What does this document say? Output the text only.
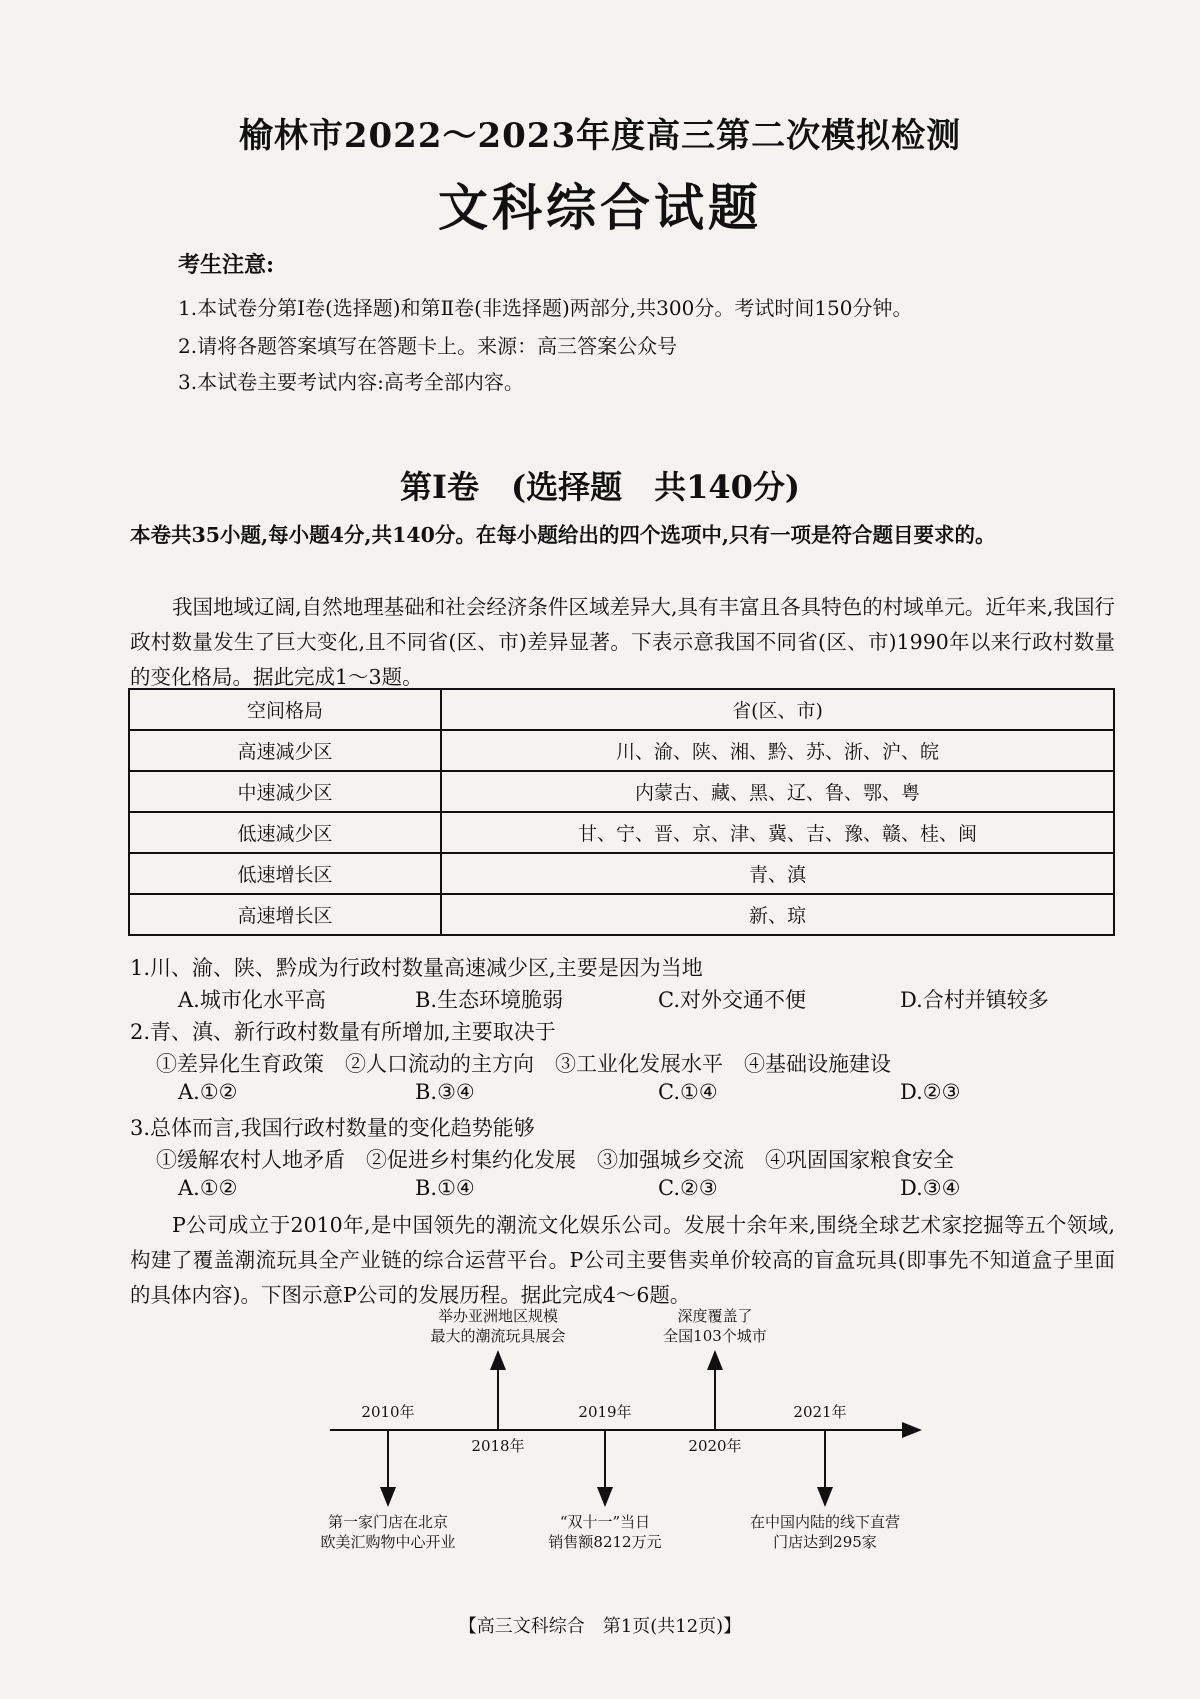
榆林市2022～2023年度高三第二次模拟检测
文科综合试题
考生注意:
1.本试卷分第Ⅰ卷(选择题)和第Ⅱ卷(非选择题)两部分,共300分。考试时间150分钟。
2.请将各题答案填写在答题卡上。来源：高三答案公众号
3.本试卷主要考试内容:高考全部内容。
第Ⅰ卷　(选择题　共140分)
本卷共35小题,每小题4分,共140分。在每小题给出的四个选项中,只有一项是符合题目要求的。
我国地域辽阔,自然地理基础和社会经济条件区域差异大,具有丰富且各具特色的村域单元。近年来,我国行政村数量发生了巨大变化,且不同省(区、市)差异显著。下表示意我国不同省(区、市)1990年以来行政村数量的变化格局。据此完成1～3题。
空间格局	省(区、市)
高速减少区	川、渝、陕、湘、黔、苏、浙、沪、皖
中速减少区	内蒙古、藏、黑、辽、鲁、鄂、粤
低速减少区	甘、宁、晋、京、津、冀、吉、豫、赣、桂、闽
低速增长区	青、滇
高速增长区	新、琼
1.川、渝、陕、黔成为行政村数量高速减少区,主要是因为当地
A.城市化水平高	B.生态环境脆弱	C.对外交通不便	D.合村并镇较多
2.青、滇、新行政村数量有所增加,主要取决于
①差异化生育政策　②人口流动的主方向　③工业化发展水平　④基础设施建设
A.①②	B.③④	C.①④	D.②③
3.总体而言,我国行政村数量的变化趋势能够
①缓解农村人地矛盾　②促进乡村集约化发展　③加强城乡交流　④巩固国家粮食安全
A.①②	B.①④	C.②③	D.③④
P公司成立于2010年,是中国领先的潮流文化娱乐公司。发展十余年来,围绕全球艺术家挖掘等五个领域,构建了覆盖潮流玩具全产业链的综合运营平台。P公司主要售卖单价较高的盲盒玩具(即事先不知道盒子里面的具体内容)。下图示意P公司的发展历程。据此完成4～6题。
2010年
2018年
2019年
2020年
2021年
举办亚洲地区规模
最大的潮流玩具展会
深度覆盖了
全国103个城市
第一家门店在北京
欧美汇购物中心开业
“双十一”当日
销售额8212万元
在中国内陆的线下直营
门店达到295家
【高三文科综合　第1页(共12页)】
